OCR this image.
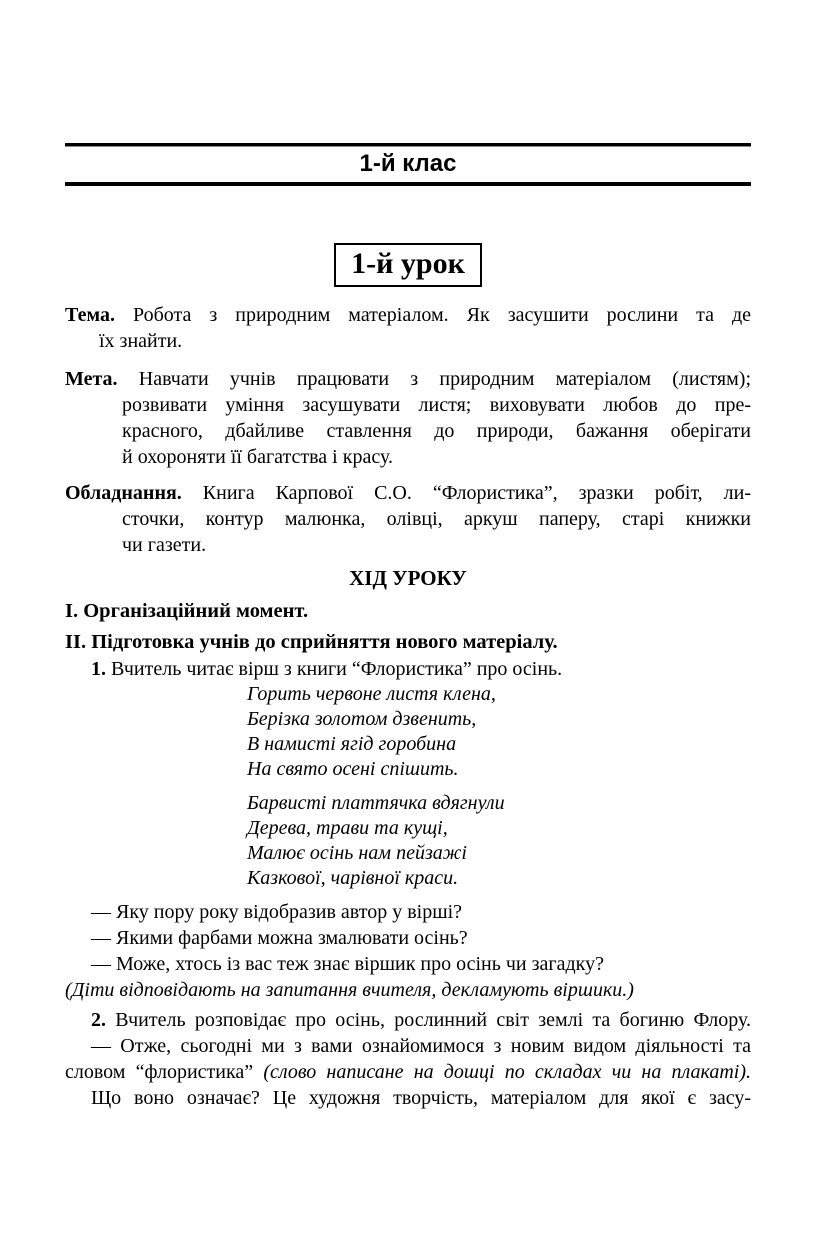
1-й клас
1-й урок
Тема. Робота з природним матеріалом. Як засушити рослини та де
їх знайти.
Мета. Навчати учнів працювати з природним матеріалом (листям);
розвивати уміння засушувати листя; виховувати любов до пре-
красного, дбайливе ставлення до природи, бажання оберігати
й охороняти її багатства і красу.
Обладнання. Книга Карпової С.О. “Флористика”, зразки робіт, ли-
сточки, контур малюнка, олівці, аркуш паперу, старі книжки
чи газети.
ХІД УРОКУ
I. Організаційний момент.
II. Підготовка учнів до сприйняття нового матеріалу.
1. Вчитель читає вірш з книги “Флористика” про осінь.
Горить червоне листя клена,
Берізка золотом дзвенить,
В намисті ягід горобина
На свято осені спішить.
Барвисті платтячка вдягнули
Дерева, трави та кущі,
Малює осінь нам пейзажі
Казкової, чарівної краси.
— Яку пору року відобразив автор у вірші?
— Якими фарбами можна змалювати осінь?
— Може, хтось із вас теж знає віршик про осінь чи загадку?
(Діти відповідають на запитання вчителя, декламують віршики.)
2. Вчитель розповідає про осінь, рослинний світ землі та богиню Флору.
— Отже, сьогодні ми з вами ознайомимося з новим видом діяльності та
словом “флористика” (слово написане на дошці по складах чи на плакаті).
Що воно означає? Це художня творчість, матеріалом для якої є засу-
